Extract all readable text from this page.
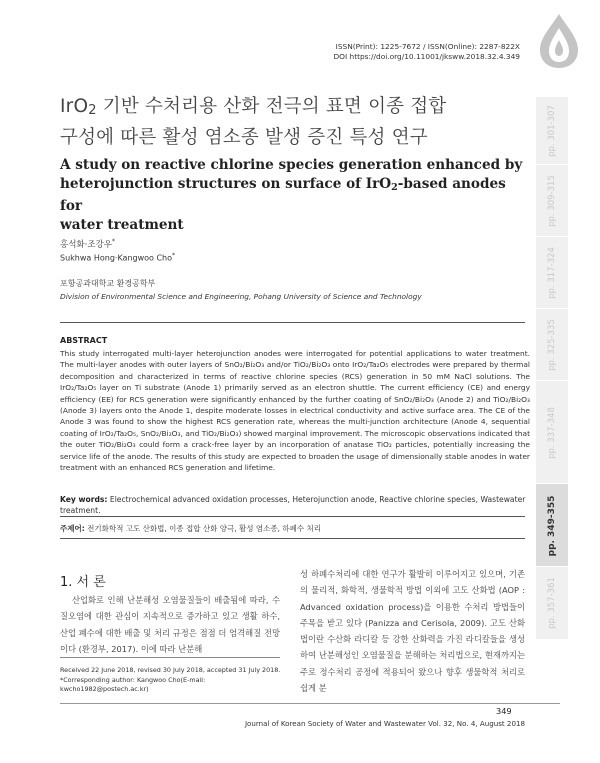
ISSN(Print): 1225-7672 / ISSN(Online): 2287-822X
DOI https://doi.org/10.11001/jksww.2018.32.4.349
IrO2 기반 수처리용 산화 전극의 표면 이종 접합
구성에 따른 활성 염소종 발생 증진 특성 연구
A study on reactive chlorine species generation enhanced by
heterojunction structures on surface of IrO$_2$-based anodes for
water treatment
홍석화·조강우*
Sukhwa Hong·Kangwoo Cho*
포항공과대학교 환경공학부
Division of Environmental Science and Engineering, Pohang University of Science and Technology
ABSTRACT
This study interrogated multi-layer heterojunction anodes were interrogated for potential applications to water treatment. The multi-layer anodes with outer layers of SnO₂/Bi₂O₃ and/or TiO₂/Bi₂O₃ onto IrO₂/Ta₂O₅ electrodes were prepared by thermal decomposition and characterized in terms of reactive chlorine species (RCS) generation in 50 mM NaCl solutions. The IrO₂/Ta₂O₅ layer on Ti substrate (Anode 1) primarily served as an electron shuttle. The current efficiency (CE) and energy efficiency (EE) for RCS generation were significantly enhanced by the further coating of SnO₂/Bi₂O₃ (Anode 2) and TiO₂/Bi₂O₃ (Anode 3) layers onto the Anode 1, despite moderate losses in electrical conductivity and active surface area. The CE of the Anode 3 was found to show the highest RCS generation rate, whereas the multi-junction architecture (Anode 4, sequential coating of IrO₂/Ta₂O₅, SnO₂/Bi₂O₃, and TiO₂/Bi₂O₃) showed marginal improvement. The microscopic observations indicated that the outer TiO₂/Bi₂O₃ could form a crack-free layer by an incorporation of anatase TiO₂ particles, potentially increasing the service life of the anode. The results of this study are expected to broaden the usage of dimensionally stable anodes in water treatment with an enhanced RCS generation and lifetime.
Key words: Electrochemical advanced oxidation processes, Heterojunction anode, Reactive chlorine species, Wastewater treatment.
주제어: 전기화학적 고도 산화법, 이종 접합 산화 양극, 활성 염소종, 하폐수 처리
1. 서 론
산업화로 인해 난분해성 오염물질들이 배출됨에 따라, 수질오염에 대한 관심이 지속적으로 증가하고 있고 생활 하수, 산업 폐수에 대한 배출 및 처리 규정은 점점 더 엄격해질 전망이다 (환경부, 2017). 이에 따라 난분해
성 하폐수처리에 대한 연구가 활발히 이루어지고 있으며, 기존의 물리적, 화학적, 생물학적 방법 이외에 고도 산화법 (AOP : Advanced oxidation process)을 이용한 수처리 방법들이 주목을 받고 있다 (Panizza and Cerisola, 2009). 고도 산화법이란 수산화 라디칼 등 강한 산화력을 가진 라디칼들을 생성하여 난분해성인 오염물질을 분해하는 처리법으로, 현재까지는 주로 정수처리 공정에 적용되어 왔으나 향후 생물학적 처리로 쉽게 분
Received 22 June 2018, revised 30 July 2018, accepted 31 July 2018.
*Corresponding author: Kangwoo Cho(E-mail: kwcho1982@postech.ac.kr)
349
Journal of Korean Society of Water and Wastewater Vol. 32, No. 4, August 2018
pp. 301-307
pp. 309-315
pp. 317-324
pp. 325-335
pp. 337-348
pp. 349-355
pp. 357-361
